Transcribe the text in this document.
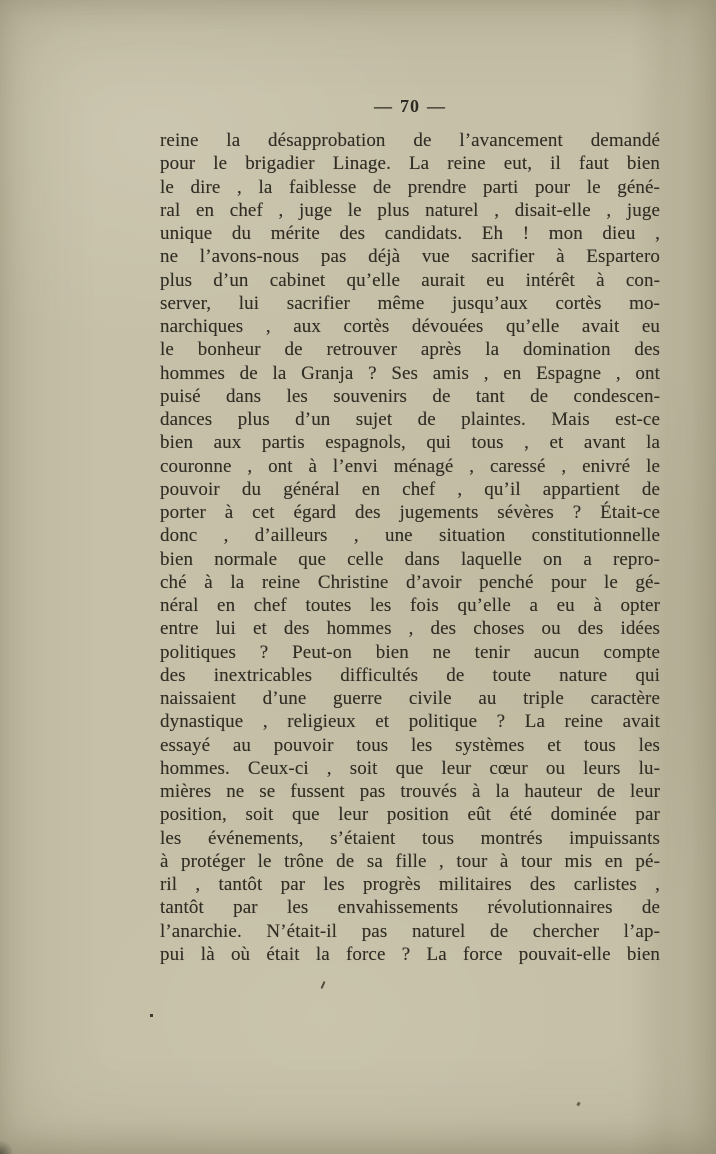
— 70 —
reine la désapprobation de l’avancement demandé
pour le brigadier Linage. La reine eut, il faut bien
le dire , la faiblesse de prendre parti pour le géné-
ral en chef , juge le plus naturel , disait-elle , juge
unique du mérite des candidats. Eh ! mon dieu ,
ne l’avons-nous pas déjà vue sacrifier à Espartero
plus d’un cabinet qu’elle aurait eu intérêt à con-
server, lui sacrifier même jusqu’aux cortès mo-
narchiques , aux cortès dévouées qu’elle avait eu
le bonheur de retrouver après la domination des
hommes de la Granja ? Ses amis , en Espagne , ont
puisé dans les souvenirs de tant de condescen-
dances plus d’un sujet de plaintes. Mais est-ce
bien aux partis espagnols, qui tous , et avant la
couronne , ont à l’envi ménagé , caressé , enivré le
pouvoir du général en chef , qu’il appartient de
porter à cet égard des jugements sévères ? Était-ce
donc , d’ailleurs , une situation constitutionnelle
bien normale que celle dans laquelle on a repro-
ché à la reine Christine d’avoir penché pour le gé-
néral en chef toutes les fois qu’elle a eu à opter
entre lui et des hommes , des choses ou des idées
politiques ? Peut-on bien ne tenir aucun compte
des inextricables difficultés de toute nature qui
naissaient d’une guerre civile au triple caractère
dynastique , religieux et politique ? La reine avait
essayé au pouvoir tous les systèmes et tous les
hommes. Ceux-ci , soit que leur cœur ou leurs lu-
mières ne se fussent pas trouvés à la hauteur de leur
position, soit que leur position eût été dominée par
les événements, s’étaient tous montrés impuissants
à protéger le trône de sa fille , tour à tour mis en pé-
ril , tantôt par les progrès militaires des carlistes ,
tantôt par les envahissements révolutionnaires de
l’anarchie. N’était-il pas naturel de chercher l’ap-
pui là où était la force ? La force pouvait-elle bien
